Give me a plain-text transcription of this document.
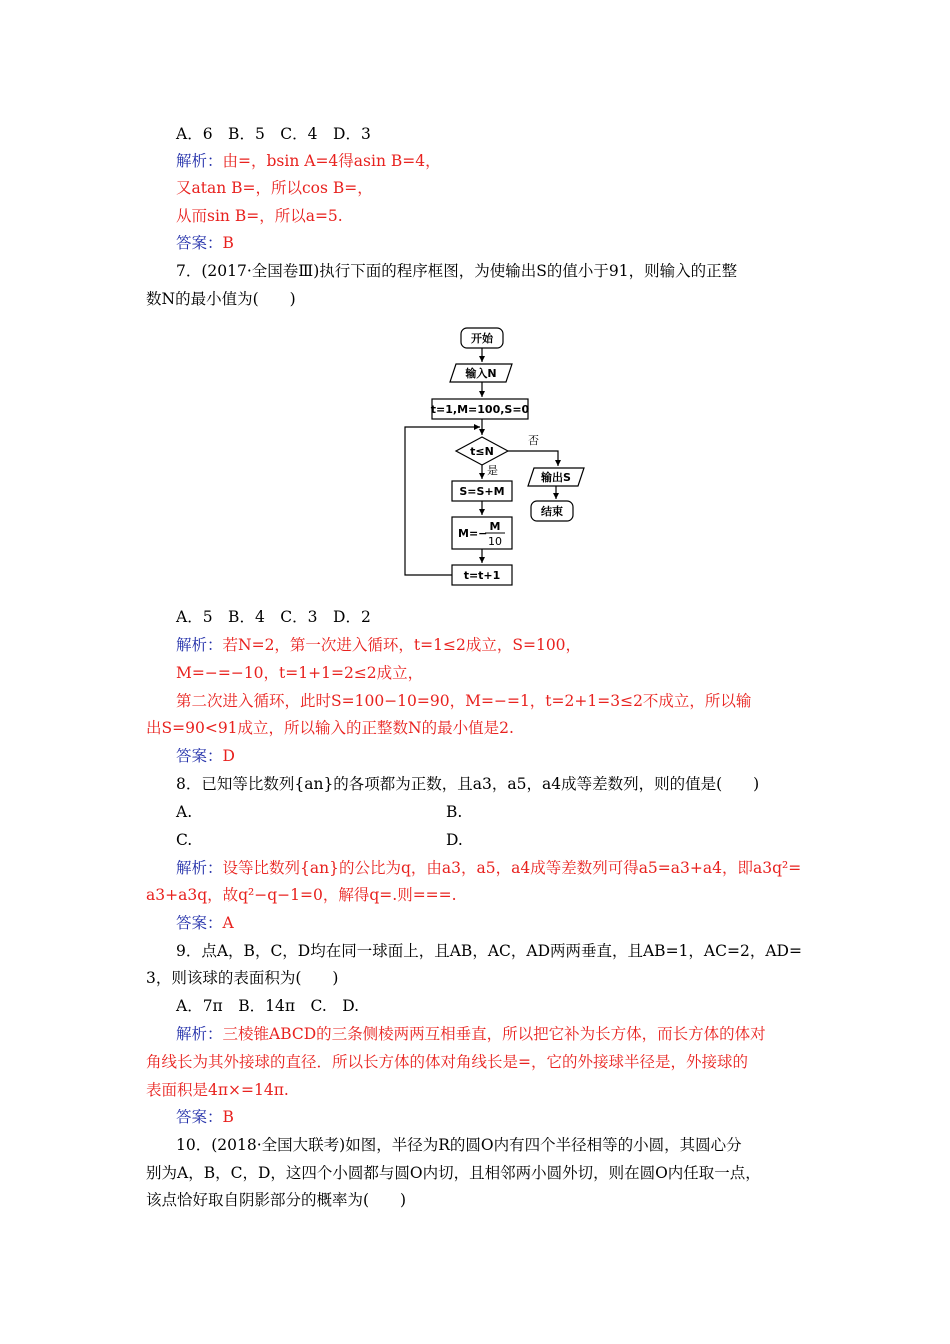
A．6　B．5　C．4　D．3
解析：由=，bsin A=4得asin B=4，
又atan B=，所以cos B=，
从而sin B=，所以a=5.
答案：B
7．(2017·全国卷Ⅲ)执行下面的程序框图，为使输出S的值小于91，则输入的正整
数N的最小值为(　　)
开始
输入N
t=1,M=100,S=0
t≤N
否
是
输出S
结束
S=S+M
M=−
M
10
t=t+1
A．5　B．4　C．3　D．2
解析：若N=2，第一次进入循环，t=1≤2成立，S=100，
M=−=−10，t=1+1=2≤2成立，
第二次进入循环，此时S=100−10=90，M=−=1，t=2+1=3≤2不成立，所以输
出S=90<91成立，所以输入的正整数N的最小值是2.
答案：D
8．已知等比数列{an}的各项都为正数，且a3，a5，a4成等差数列，则的值是(　　)
A.	B.
C.	D.
解析：设等比数列{an}的公比为q，由a3，a5，a4成等差数列可得a5=a3+a4，即a3q²=
a3+a3q，故q²−q−1=0，解得q=.则===.
答案：A
9．点A，B，C，D均在同一球面上，且AB，AC，AD两两垂直，且AB=1，AC=2，AD=
3，则该球的表面积为(　　)
A．7π　B．14π　C.　D.
解析：三棱锥ABCD的三条侧棱两两互相垂直，所以把它补为长方体，而长方体的体对
角线长为其外接球的直径．所以长方体的体对角线长是=，它的外接球半径是，外接球的
表面积是4π×=14π.
答案：B
10．(2018·全国大联考)如图，半径为R的圆O内有四个半径相等的小圆，其圆心分
别为A，B，C，D，这四个小圆都与圆O内切，且相邻两小圆外切，则在圆O内任取一点，
该点恰好取自阴影部分的概率为(　　)
